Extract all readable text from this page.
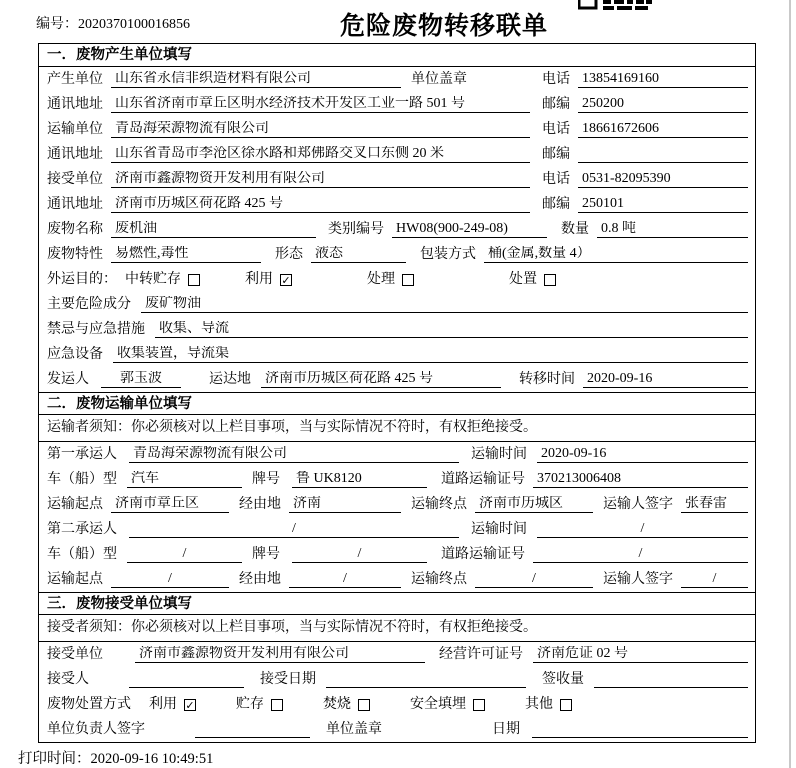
编号：2020370100016856	危险废物转移联单
一．废物产生单位填写
产生单位 山东省永信非织造材料有限公司	单位盖章	电话 13854169160
通讯地址 山东省济南市章丘区明水经济技术开发区工业一路 501 号	邮编 250200
运输单位 青岛海荣源物流有限公司	电话 18661672606
通讯地址 山东省青岛市李沧区徐水路和郑佛路交叉口东侧 20 米	邮编
接受单位 济南市鑫源物资开发利用有限公司	电话 0531-82095390
通讯地址 济南市历城区荷花路 425 号	邮编 250101
废物名称 废机油	类别编号 HW08(900-249-08)	数量 0.8 吨
废物特性 易燃性,毒性	形态 液态	包装方式 桶(金属,数量 4）
外运目的： 中转贮存	利用 ✓	处理	处置
主要危险成分 废矿物油
禁忌与应急措施 收集、导流
应急设备 收集装置，导流渠
发运人	郭玉波	运达地 济南市历城区荷花路 425 号	转移时间 2020-09-16
二．废物运输单位填写
运输者须知：你必须核对以上栏目事项，当与实际情况不符时，有权拒绝接受。
第一承运人 青岛海荣源物流有限公司	运输时间 2020-09-16
车（船）型 汽车	牌号 鲁 UK8120	道路运输证号 370213006408
运输起点 济南市章丘区	经由地 济南	运输终点 济南市历城区	运输人签字 张春雷
第二承运人	/	运输时间	/
车（船）型	/	牌号	/	道路运输证号	/
运输起点	/	经由地	/	运输终点	/	运输人签字	/
三．废物接受单位填写
接受者须知：你必须核对以上栏目事项，当与实际情况不符时，有权拒绝接受。
接受单位	济南市鑫源物资开发利用有限公司	经营许可证号 济南危证 02 号
接受人	接受日期	签收量
废物处置方式 利用 ✓	贮存	焚烧	安全填埋	其他
单位负责人签字	单位盖章	日期
打印时间：2020-09-16 10:49:51
